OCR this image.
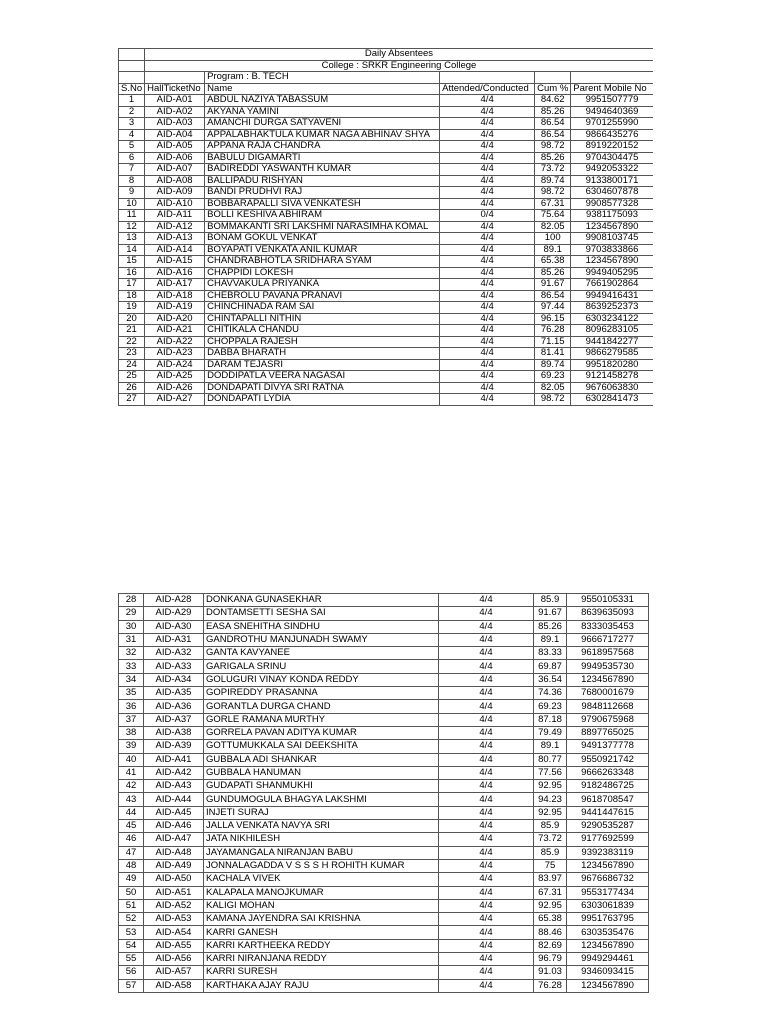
	Daily Absentees				
	College : SRKR Engineering College				
		Program : B. TECH			
S.No	HallTicketNo	Name	Attended/Conducted	Cum %	Parent Mobile No
1	AID-A01	ABDUL NAZIYA TABASSUM	4/4	84.62	9951507779
2	AID-A02	AKYANA YAMINI	4/4	85.26	9494640369
3	AID-A03	AMANCHI DURGA SATYAVENI	4/4	86.54	9701255990
4	AID-A04	APPALABHAKTULA KUMAR NAGA ABHINAV SHYA	4/4	86.54	9866435276
5	AID-A05	APPANA RAJA CHANDRA	4/4	98.72	8919220152
6	AID-A06	BABULU DIGAMARTI	4/4	85.26	9704304475
7	AID-A07	BADIREDDI YASWANTH KUMAR	4/4	73.72	9492053322
8	AID-A08	BALLIPADU RISHYAN	4/4	89.74	9133800171
9	AID-A09	BANDI PRUDHVI RAJ	4/4	98.72	6304607878
10	AID-A10	BOBBARAPALLI SIVA VENKATESH	4/4	67.31	9908577328
11	AID-A11	BOLLI KESHIVA ABHIRAM	0/4	75.64	9381175093
12	AID-A12	BOMMAKANTI SRI LAKSHMI NARASIMHA KOMAL	4/4	82.05	1234567890
13	AID-A13	BONAM GOKUL VENKAT	4/4	100	9908103745
14	AID-A14	BOYAPATI VENKATA ANIL KUMAR	4/4	89.1	9703833866
15	AID-A15	CHANDRABHOTLA SRIDHARA SYAM	4/4	65.38	1234567890
16	AID-A16	CHAPPIDI LOKESH	4/4	85.26	9949405295
17	AID-A17	CHAVVAKULA PRIYANKA	4/4	91.67	7661902864
18	AID-A18	CHEBROLU PAVANA PRANAVI	4/4	86.54	9949416431
19	AID-A19	CHINCHINADA RAM SAI	4/4	97.44	8639252373
20	AID-A20	CHINTAPALLI NITHIN	4/4	96.15	6303234122
21	AID-A21	CHITIKALA CHANDU	4/4	76.28	8096283105
22	AID-A22	CHOPPALA RAJESH	4/4	71.15	9441842277
23	AID-A23	DABBA BHARATH	4/4	81.41	9866279585
24	AID-A24	DARAM TEJASRI	4/4	89.74	9951820280
25	AID-A25	DODDIPATLA VEERA NAGASAI	4/4	69.23	9121458278
26	AID-A26	DONDAPATI DIVYA SRI RATNA	4/4	82.05	9676063830
27	AID-A27	DONDAPATI LYDIA	4/4	98.72	6302841473
28	AID-A28	DONKANA GUNASEKHAR	4/4	85.9	9550105331
29	AID-A29	DONTAMSETTI SESHA SAI	4/4	91.67	8639635093
30	AID-A30	EASA SNEHITHA SINDHU	4/4	85.26	8333035453
31	AID-A31	GANDROTHU MANJUNADH SWAMY	4/4	89.1	9666717277
32	AID-A32	GANTA KAVYANEE	4/4	83.33	9618957568
33	AID-A33	GARIGALA SRINU	4/4	69.87	9949535730
34	AID-A34	GOLUGURI VINAY KONDA REDDY	4/4	36.54	1234567890
35	AID-A35	GOPIREDDY PRASANNA	4/4	74.36	7680001679
36	AID-A36	GORANTLA DURGA CHAND	4/4	69.23	9848112668
37	AID-A37	GORLE RAMANA MURTHY	4/4	87.18	9790675968
38	AID-A38	GORRELA PAVAN ADITYA KUMAR	4/4	79.49	8897765025
39	AID-A39	GOTTUMUKKALA SAI DEEKSHITA	4/4	89.1	9491377778
40	AID-A41	GUBBALA ADI SHANKAR	4/4	80.77	9550921742
41	AID-A42	GUBBALA HANUMAN	4/4	77.56	9666263348
42	AID-A43	GUDAPATI SHANMUKHI	4/4	92.95	9182486725
43	AID-A44	GUNDUMOGULA BHAGYA LAKSHMI	4/4	94.23	9618708547
44	AID-A45	INJETI SURAJ	4/4	92.95	9441447615
45	AID-A46	JALLA VENKATA NAVYA SRI	4/4	85.9	9290535287
46	AID-A47	JATA NIKHILESH	4/4	73.72	9177692599
47	AID-A48	JAYAMANGALA NIRANJAN BABU	4/4	85.9	9392383119
48	AID-A49	JONNALAGADDA V S S S H ROHITH KUMAR	4/4	75	1234567890
49	AID-A50	KACHALA VIVEK	4/4	83.97	9676686732
50	AID-A51	KALAPALA MANOJKUMAR	4/4	67.31	9553177434
51	AID-A52	KALIGI MOHAN	4/4	92.95	6303061839
52	AID-A53	KAMANA JAYENDRA SAI KRISHNA	4/4	65.38	9951763795
53	AID-A54	KARRI GANESH	4/4	88.46	6303535476
54	AID-A55	KARRI KARTHEEKA REDDY	4/4	82.69	1234567890
55	AID-A56	KARRI NIRANJANA REDDY	4/4	96.79	9949294461
56	AID-A57	KARRI SURESH	4/4	91.03	9346093415
57	AID-A58	KARTHAKA AJAY RAJU	4/4	76.28	1234567890
